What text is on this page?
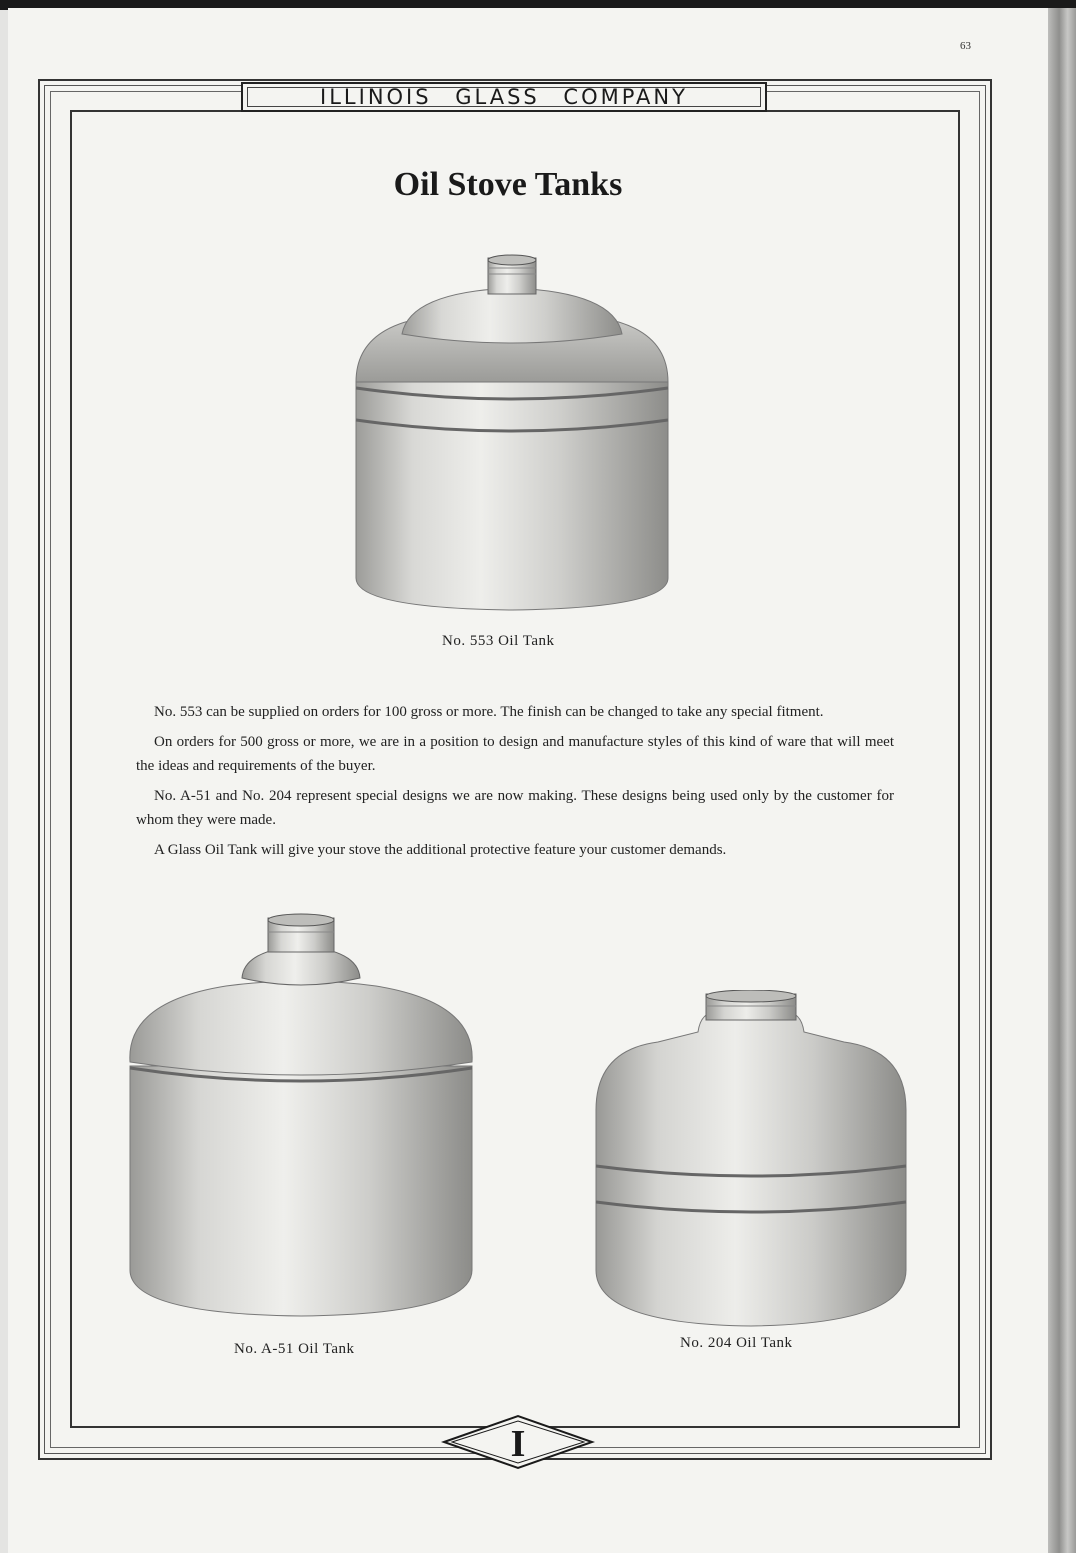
63
ILLINOIS GLASS COMPANY
Oil Stove Tanks
No. 553 Oil Tank

No. 553 can be supplied on orders for 100 gross or more. The finish can be changed to take any special fitment.

On orders for 500 gross or more, we are in a position to design and manufacture styles of this kind of ware that will meet the ideas and requirements of the buyer.

No. A-51 and No. 204 represent special designs we are now making. These designs being used only by the customer for whom they were made.

A Glass Oil Tank will give your stove the additional protective feature your customer demands.

No. A-51 Oil Tank	No. 204 Oil Tank
I
